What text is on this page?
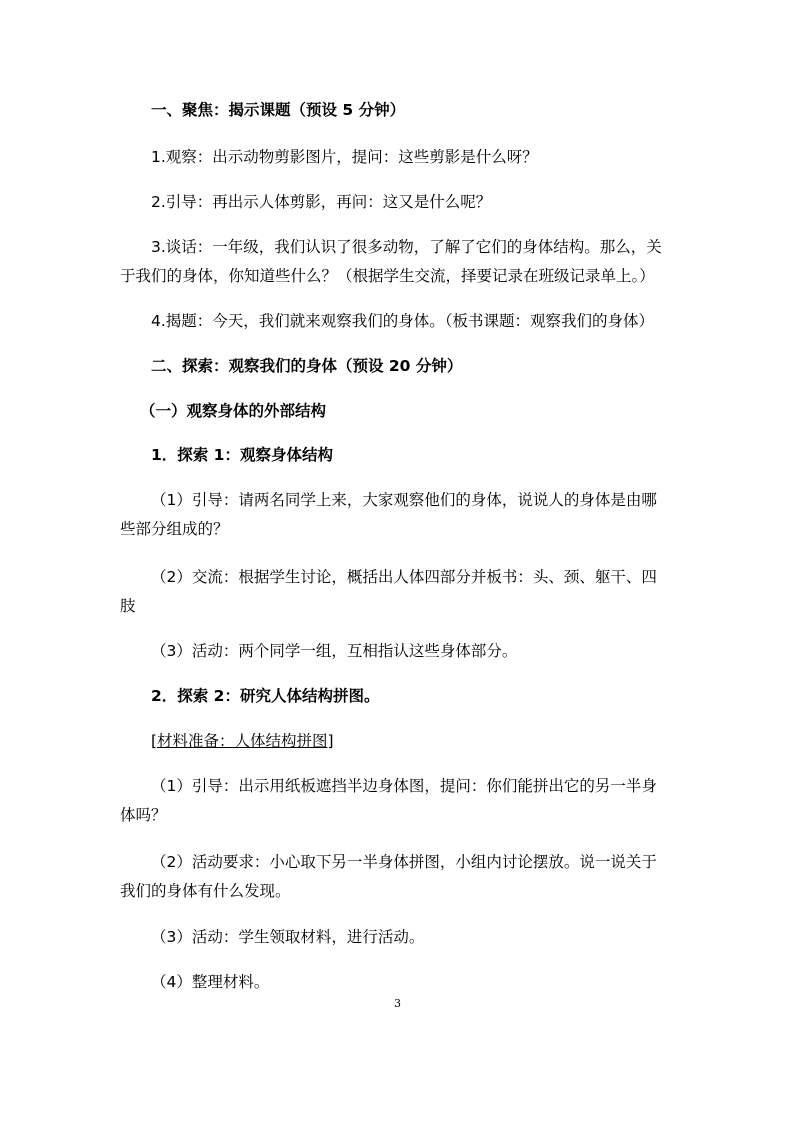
一、聚焦：揭示课题（预设 5 分钟）

1.观察：出示动物剪影图片，提问：这些剪影是什么呀？

2.引导：再出示人体剪影，再问：这又是什么呢？

3.谈话：一年级，我们认识了很多动物，了解了它们的身体结构。那么，关

于我们的身体，你知道些什么？（根据学生交流，择要记录在班级记录单上。）

4.揭题：今天，我们就来观察我们的身体。（板书课题：观察我们的身体）

二、探索：观察我们的身体（预设 20 分钟）

（一）观察身体的外部结构

1．探索 1：观察身体结构

（1）引导：请两名同学上来，大家观察他们的身体，说说人的身体是由哪

些部分组成的？

（2）交流：根据学生讨论，概括出人体四部分并板书：头、颈、躯干、四

肢

（3）活动：两个同学一组，互相指认这些身体部分。

2．探索 2：研究人体结构拼图。

[材料准备：人体结构拼图]

（1）引导：出示用纸板遮挡半边身体图，提问：你们能拼出它的另一半身

体吗？

（2）活动要求：小心取下另一半身体拼图，小组内讨论摆放。说一说关于

我们的身体有什么发现。

（3）活动：学生领取材料，进行活动。

（4）整理材料。

3
